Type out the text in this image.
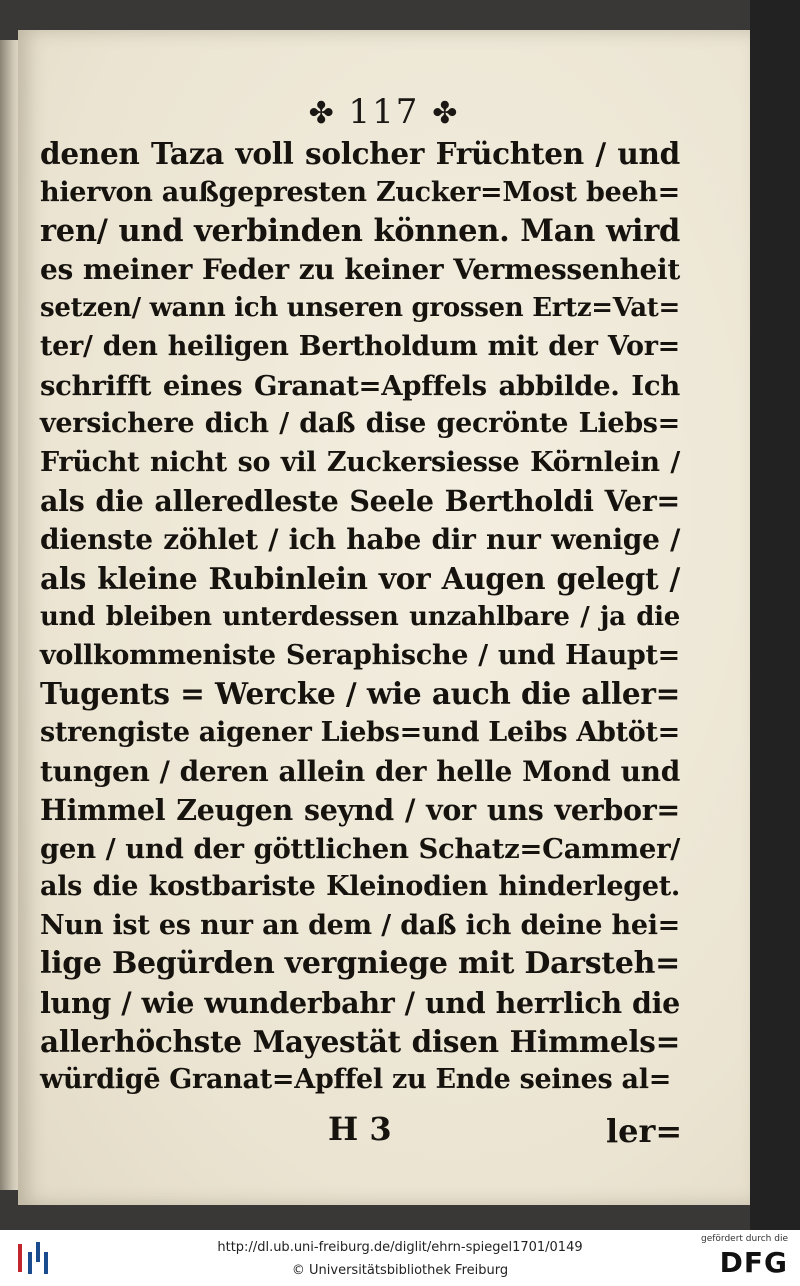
✤ 117 ✤
denen Taza voll solcher Früchten / und
hiervon außgepresten Zucker=Most beeh=
ren/ und verbinden können. Man wird
es meiner Feder zu keiner Vermessenheit
setzen/ wann ich unseren grossen Ertz=Vat=
ter/ den heiligen Bertholdum mit der Vor=
schrifft eines Granat=Apffels abbilde. Ich
versichere dich / daß dise gecrönte Liebs=
Frücht nicht so vil Zuckersiesse Körnlein /
als die alleredleste Seele Bertholdi Ver=
dienste zöhlet / ich habe dir nur wenige /
als kleine Rubinlein vor Augen gelegt /
und bleiben unterdessen unzahlbare / ja die
vollkommeniste Seraphische / und Haupt=
Tugents = Wercke / wie auch die aller=
strengiste aigener Liebs=und Leibs Abtöt=
tungen / deren allein der helle Mond und
Himmel Zeugen seynd / vor uns verbor=
gen / und der göttlichen Schatz=Cammer/
als die kostbariste Kleinodien hinderleget.
Nun ist es nur an dem / daß ich deine hei=
lige Begürden vergniege mit Darsteh=
lung / wie wunderbahr / und herrlich die
allerhöchste Mayestät disen Himmels=
würdigē Granat=Apffel zu Ende seines al=
H 3	ler=
http://dl.ub.uni-freiburg.de/diglit/ehrn-spiegel1701/0149
© Universitätsbibliothek Freiburg
gefördert durch die
DFG
